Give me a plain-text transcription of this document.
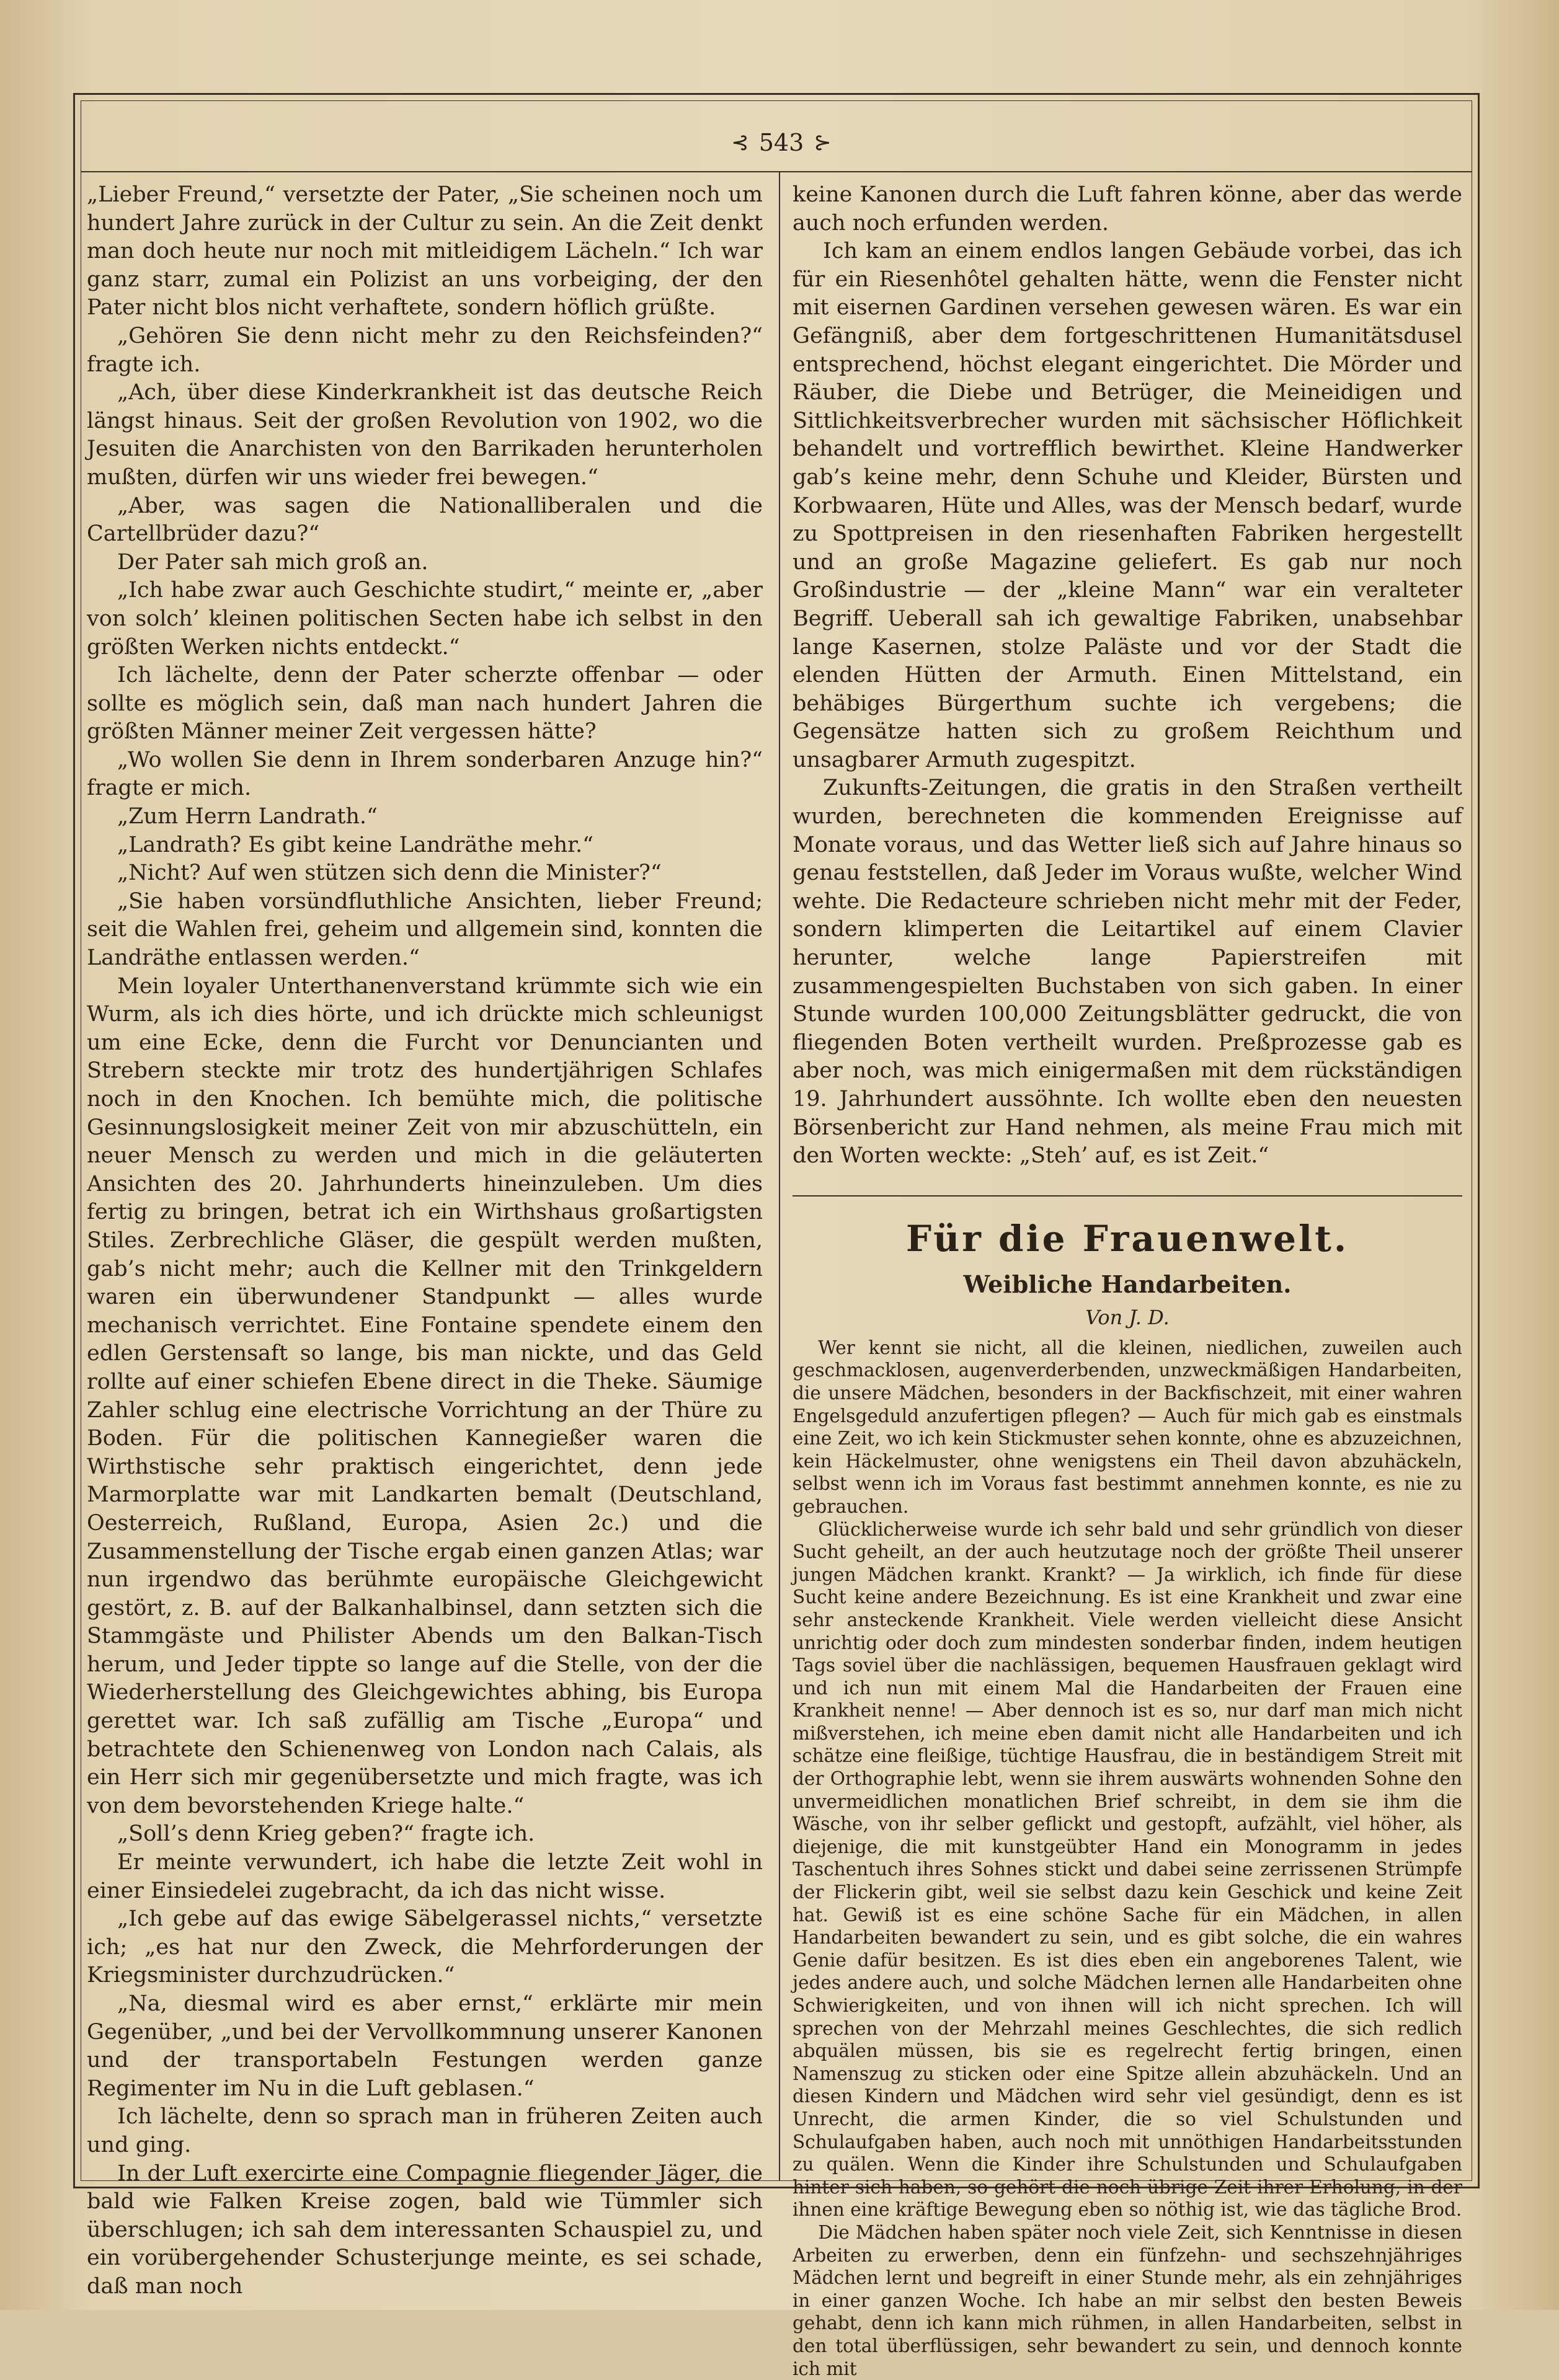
⊰ 543 ⊱

„Lieber Freund,“ versetzte der Pater, „Sie scheinen noch um hundert Jahre zurück in der Cultur zu sein. An die Zeit denkt man doch heute nur noch mit mitleidigem Lächeln.“ Ich war ganz starr, zumal ein Polizist an uns vorbeiging, der den Pater nicht blos nicht verhaftete, sondern höflich grüßte.

„Gehören Sie denn nicht mehr zu den Reichsfeinden?“ fragte ich.

„Ach, über diese Kinderkrankheit ist das deutsche Reich längst hinaus. Seit der großen Revolution von 1902, wo die Jesuiten die Anarchisten von den Barrikaden herunterholen mußten, dürfen wir uns wieder frei bewegen.“

„Aber, was sagen die Nationalliberalen und die Cartellbrüder dazu?“

Der Pater sah mich groß an.

„Ich habe zwar auch Geschichte studirt,“ meinte er, „aber von solch’ kleinen politischen Secten habe ich selbst in den größten Werken nichts entdeckt.“

Ich lächelte, denn der Pater scherzte offenbar — oder sollte es möglich sein, daß man nach hundert Jahren die größten Männer meiner Zeit vergessen hätte?

„Wo wollen Sie denn in Ihrem sonderbaren Anzuge hin?“ fragte er mich.

„Zum Herrn Landrath.“

„Landrath? Es gibt keine Landräthe mehr.“

„Nicht? Auf wen stützen sich denn die Minister?“

„Sie haben vorsündfluthliche Ansichten, lieber Freund; seit die Wahlen frei, geheim und allgemein sind, konnten die Landräthe entlassen werden.“

Mein loyaler Unterthanenverstand krümmte sich wie ein Wurm, als ich dies hörte, und ich drückte mich schleunigst um eine Ecke, denn die Furcht vor Denuncianten und Strebern steckte mir trotz des hundertjährigen Schlafes noch in den Knochen. Ich bemühte mich, die politische Gesinnungslosigkeit meiner Zeit von mir abzuschütteln, ein neuer Mensch zu werden und mich in die geläuterten Ansichten des 20. Jahrhunderts hineinzuleben. Um dies fertig zu bringen, betrat ich ein Wirthshaus großartigsten Stiles. Zerbrechliche Gläser, die gespült werden mußten, gab’s nicht mehr; auch die Kellner mit den Trinkgeldern waren ein überwundener Standpunkt — alles wurde mechanisch verrichtet. Eine Fontaine spendete einem den edlen Gerstensaft so lange, bis man nickte, und das Geld rollte auf einer schiefen Ebene direct in die Theke. Säumige Zahler schlug eine electrische Vorrichtung an der Thüre zu Boden. Für die politischen Kannegießer waren die Wirthstische sehr praktisch eingerichtet, denn jede Marmorplatte war mit Landkarten bemalt (Deutschland, Oesterreich, Rußland, Europa, Asien 2c.) und die Zusammenstellung der Tische ergab einen ganzen Atlas; war nun irgendwo das berühmte europäische Gleichgewicht gestört, z. B. auf der Balkanhalbinsel, dann setzten sich die Stammgäste und Philister Abends um den Balkan-Tisch herum, und Jeder tippte so lange auf die Stelle, von der die Wiederherstellung des Gleichgewichtes abhing, bis Europa gerettet war. Ich saß zufällig am Tische „Europa“ und betrachtete den Schienenweg von London nach Calais, als ein Herr sich mir gegenübersetzte und mich fragte, was ich von dem bevorstehenden Kriege halte.“

„Soll’s denn Krieg geben?“ fragte ich.

Er meinte verwundert, ich habe die letzte Zeit wohl in einer Einsiedelei zugebracht, da ich das nicht wisse.

„Ich gebe auf das ewige Säbelgerassel nichts,“ versetzte ich; „es hat nur den Zweck, die Mehrforderungen der Kriegsminister durchzudrücken.“

„Na, diesmal wird es aber ernst,“ erklärte mir mein Gegenüber, „und bei der Vervollkommnung unserer Kanonen und der transportabeln Festungen werden ganze Regimenter im Nu in die Luft geblasen.“

Ich lächelte, denn so sprach man in früheren Zeiten auch und ging.

In der Luft exercirte eine Compagnie fliegender Jäger, die bald wie Falken Kreise zogen, bald wie Tümmler sich überschlugen; ich sah dem interessanten Schauspiel zu, und ein vorübergehender Schusterjunge meinte, es sei schade, daß man noch

keine Kanonen durch die Luft fahren könne, aber das werde auch noch erfunden werden.

Ich kam an einem endlos langen Gebäude vorbei, das ich für ein Riesenhôtel gehalten hätte, wenn die Fenster nicht mit eisernen Gardinen versehen gewesen wären. Es war ein Gefängniß, aber dem fortgeschrittenen Humanitätsdusel entsprechend, höchst elegant eingerichtet. Die Mörder und Räuber, die Diebe und Betrüger, die Meineidigen und Sittlichkeitsverbrecher wurden mit sächsischer Höflichkeit behandelt und vortrefflich bewirthet. Kleine Handwerker gab’s keine mehr, denn Schuhe und Kleider, Bürsten und Korbwaaren, Hüte und Alles, was der Mensch bedarf, wurde zu Spottpreisen in den riesenhaften Fabriken hergestellt und an große Magazine geliefert. Es gab nur noch Großindustrie — der „kleine Mann“ war ein veralteter Begriff. Ueberall sah ich gewaltige Fabriken, unabsehbar lange Kasernen, stolze Paläste und vor der Stadt die elenden Hütten der Armuth. Einen Mittelstand, ein behäbiges Bürgerthum suchte ich vergebens; die Gegensätze hatten sich zu großem Reichthum und unsagbarer Armuth zugespitzt.

Zukunfts-Zeitungen, die gratis in den Straßen vertheilt wurden, berechneten die kommenden Ereignisse auf Monate voraus, und das Wetter ließ sich auf Jahre hinaus so genau feststellen, daß Jeder im Voraus wußte, welcher Wind wehte. Die Redacteure schrieben nicht mehr mit der Feder, sondern klimperten die Leitartikel auf einem Clavier herunter, welche lange Papierstreifen mit zusammengespielten Buchstaben von sich gaben. In einer Stunde wurden 100,000 Zeitungsblätter gedruckt, die von fliegenden Boten vertheilt wurden. Preßprozesse gab es aber noch, was mich einigermaßen mit dem rückständigen 19. Jahrhundert aussöhnte. Ich wollte eben den neuesten Börsenbericht zur Hand nehmen, als meine Frau mich mit den Worten weckte: „Steh’ auf, es ist Zeit.“

Für die Frauenwelt.
Weibliche Handarbeiten.
Von J. D.

Wer kennt sie nicht, all die kleinen, niedlichen, zuweilen auch geschmacklosen, augenverderbenden, unzweckmäßigen Handarbeiten, die unsere Mädchen, besonders in der Backfischzeit, mit einer wahren Engelsgeduld anzufertigen pflegen? — Auch für mich gab es einstmals eine Zeit, wo ich kein Stickmuster sehen konnte, ohne es abzuzeichnen, kein Häckelmuster, ohne wenigstens ein Theil davon abzuhäckeln, selbst wenn ich im Voraus fast bestimmt annehmen konnte, es nie zu gebrauchen.

Glücklicherweise wurde ich sehr bald und sehr gründlich von dieser Sucht geheilt, an der auch heutzutage noch der größte Theil unserer jungen Mädchen krankt. Krankt? — Ja wirklich, ich finde für diese Sucht keine andere Bezeichnung. Es ist eine Krankheit und zwar eine sehr ansteckende Krankheit. Viele werden vielleicht diese Ansicht unrichtig oder doch zum mindesten sonderbar finden, indem heutigen Tags soviel über die nachlässigen, bequemen Hausfrauen geklagt wird und ich nun mit einem Mal die Handarbeiten der Frauen eine Krankheit nenne! — Aber dennoch ist es so, nur darf man mich nicht mißverstehen, ich meine eben damit nicht alle Handarbeiten und ich schätze eine fleißige, tüchtige Hausfrau, die in beständigem Streit mit der Orthographie lebt, wenn sie ihrem auswärts wohnenden Sohne den unvermeidlichen monatlichen Brief schreibt, in dem sie ihm die Wäsche, von ihr selber geflickt und gestopft, aufzählt, viel höher, als diejenige, die mit kunstgeübter Hand ein Monogramm in jedes Taschentuch ihres Sohnes stickt und dabei seine zerrissenen Strümpfe der Flickerin gibt, weil sie selbst dazu kein Geschick und keine Zeit hat. Gewiß ist es eine schöne Sache für ein Mädchen, in allen Handarbeiten bewandert zu sein, und es gibt solche, die ein wahres Genie dafür besitzen. Es ist dies eben ein angeborenes Talent, wie jedes andere auch, und solche Mädchen lernen alle Handarbeiten ohne Schwierigkeiten, und von ihnen will ich nicht sprechen. Ich will sprechen von der Mehrzahl meines Geschlechtes, die sich redlich abquälen müssen, bis sie es regelrecht fertig bringen, einen Namenszug zu sticken oder eine Spitze allein abzuhäckeln. Und an diesen Kindern und Mädchen wird sehr viel gesündigt, denn es ist Unrecht, die armen Kinder, die so viel Schulstunden und Schulaufgaben haben, auch noch mit unnöthigen Handarbeitsstunden zu quälen. Wenn die Kinder ihre Schulstunden und Schulaufgaben hinter sich haben, so gehört die noch übrige Zeit ihrer Erholung, in der ihnen eine kräftige Bewegung eben so nöthig ist, wie das tägliche Brod.

Die Mädchen haben später noch viele Zeit, sich Kenntnisse in diesen Arbeiten zu erwerben, denn ein fünfzehn- und sechszehnjähriges Mädchen lernt und begreift in einer Stunde mehr, als ein zehnjähriges in einer ganzen Woche. Ich habe an mir selbst den besten Beweis gehabt, denn ich kann mich rühmen, in allen Handarbeiten, selbst in den total überflüssigen, sehr bewandert zu sein, und dennoch konnte ich mit
